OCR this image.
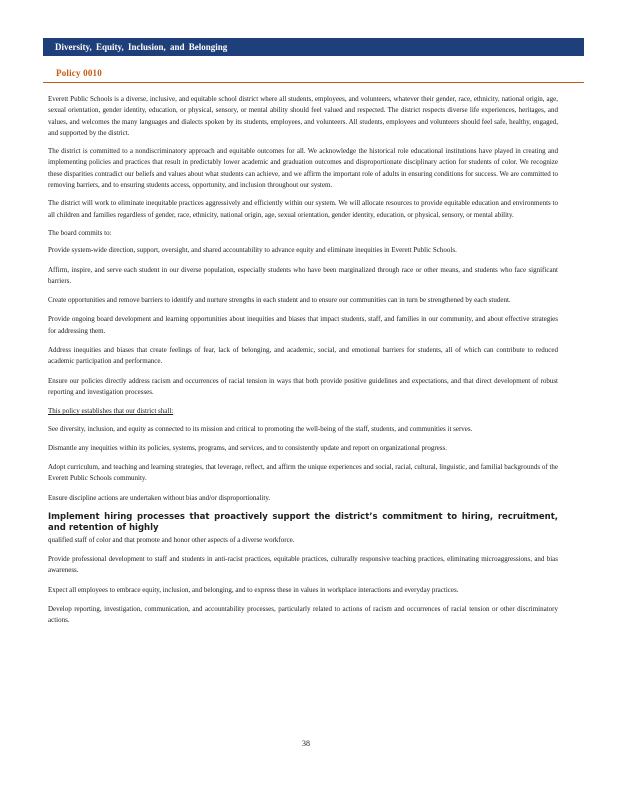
Diversity, Equity, Inclusion, and Belonging
Policy 0010

Everett Public Schools is a diverse, inclusive, and equitable school district where all students, employees, and volunteers, whatever their gender, race, ethnicity, national origin, age, sexual orientation, gender identity, education, or physical, sensory, or mental ability should feel valued and respected. The district respects diverse life experiences, heritages, and values, and welcomes the many languages and dialects spoken by its students, employees, and volunteers. All students, employees and volunteers should feel safe, healthy, engaged, and supported by the district.

The district is committed to a nondiscriminatory approach and equitable outcomes for all. We acknowledge the historical role educational institutions have played in creating and implementing policies and practices that result in predictably lower academic and graduation outcomes and disproportionate disciplinary action for students of color. We recognize these disparities contradict our beliefs and values about what students can achieve, and we affirm the important role of adults in ensuring conditions for success. We are committed to removing barriers, and to ensuring students access, opportunity, and inclusion throughout our system.

The district will work to eliminate inequitable practices aggressively and efficiently within our system. We will allocate resources to provide equitable education and environments to all children and families regardless of gender, race, ethnicity, national origin, age, sexual orientation, gender identity, education, or physical, sensory, or mental ability.

The board commits to:

Provide system-wide direction, support, oversight, and shared accountability to advance equity and eliminate inequities in Everett Public Schools.
Affirm, inspire, and serve each student in our diverse population, especially students who have been marginalized through race or other means, and students who face significant barriers.
Create opportunities and remove barriers to identify and nurture strengths in each student and to ensure our communities can in turn be strengthened by each student.
Provide ongoing board development and learning opportunities about inequities and biases that impact students, staff, and families in our community, and about effective strategies for addressing them.
Address inequities and biases that create feelings of fear, lack of belonging, and academic, social, and emotional barriers for students, all of which can contribute to reduced academic participation and performance.
Ensure our policies directly address racism and occurrences of racial tension in ways that both provide positive guidelines and expectations, and that direct development of robust reporting and investigation processes.

This policy establishes that our district shall:

See diversity, inclusion, and equity as connected to its mission and critical to promoting the well-being of the staff, students, and communities it serves.
Dismantle any inequities within its policies, systems, programs, and services, and to consistently update and report on organizational progress.
Adopt curriculum, and teaching and learning strategies, that leverage, reflect, and affirm the unique experiences and social, racial, cultural, linguistic, and familial backgrounds of the Everett Public Schools community.
Ensure discipline actions are undertaken without bias and/or disproportionality.
Implement hiring processes that proactively support the district’s commitment to hiring, recruitment, and retention of highly
qualified staff of color and that promote and honor other aspects of a diverse workforce.
Provide professional development to staff and students in anti-racist practices, equitable practices, culturally responsive teaching practices, eliminating microaggressions, and bias awareness.
Expect all employees to embrace equity, inclusion, and belonging, and to express these in values in workplace interactions and everyday practices.
Develop reporting, investigation, communication, and accountability processes, particularly related to actions of racism and occurrences of racial tension or other discriminatory actions.
38
